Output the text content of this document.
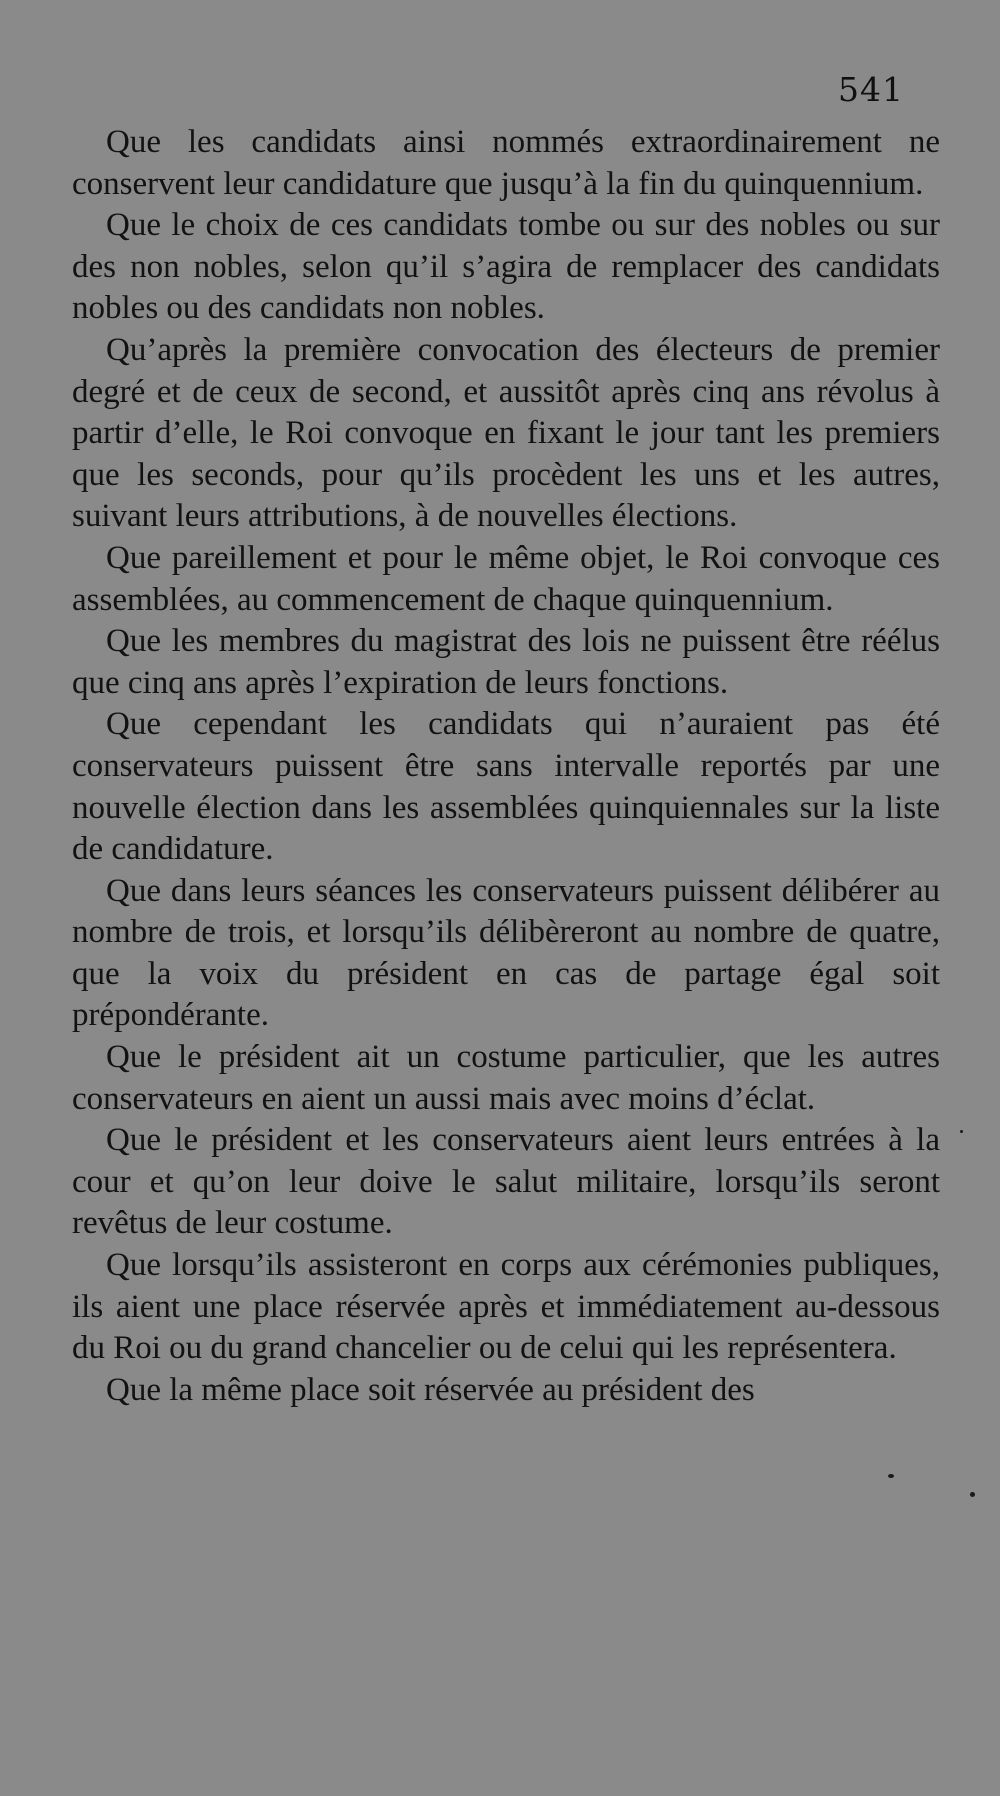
541

Que les candidats ainsi nommés extraordinairement ne conservent leur candidature que jusqu’à la fin du quinquennium.

Que le choix de ces candidats tombe ou sur des nobles ou sur des non nobles, selon qu’il s’agira de remplacer des candidats nobles ou des candidats non nobles.

Qu’après la première convocation des électeurs de premier degré et de ceux de second, et aussitôt après cinq ans révolus à partir d’elle, le Roi convoque en fixant le jour tant les premiers que les seconds, pour qu’ils procèdent les uns et les autres, suivant leurs attributions, à de nouvelles élections.

Que pareillement et pour le même objet, le Roi convoque ces assemblées, au commencement de chaque quinquennium.

Que les membres du magistrat des lois ne puissent être réélus que cinq ans après l’expiration de leurs fonctions.

Que cependant les candidats qui n’auraient pas été conservateurs puissent être sans intervalle reportés par une nouvelle élection dans les assemblées quinquiennales sur la liste de candidature.

Que dans leurs séances les conservateurs puissent délibérer au nombre de trois, et lorsqu’ils délibèreront au nombre de quatre, que la voix du président en cas de partage égal soit prépondérante.

Que le président ait un costume particulier, que les autres conservateurs en aient un aussi mais avec moins d’éclat.

Que le président et les conservateurs aient leurs entrées à la cour et qu’on leur doive le salut militaire, lorsqu’ils seront revêtus de leur costume.

Que lorsqu’ils assisteront en corps aux cérémonies publiques, ils aient une place réservée après et immédiatement au-dessous du Roi ou du grand chancelier ou de celui qui les représentera.

Que la même place soit réservée au président des
